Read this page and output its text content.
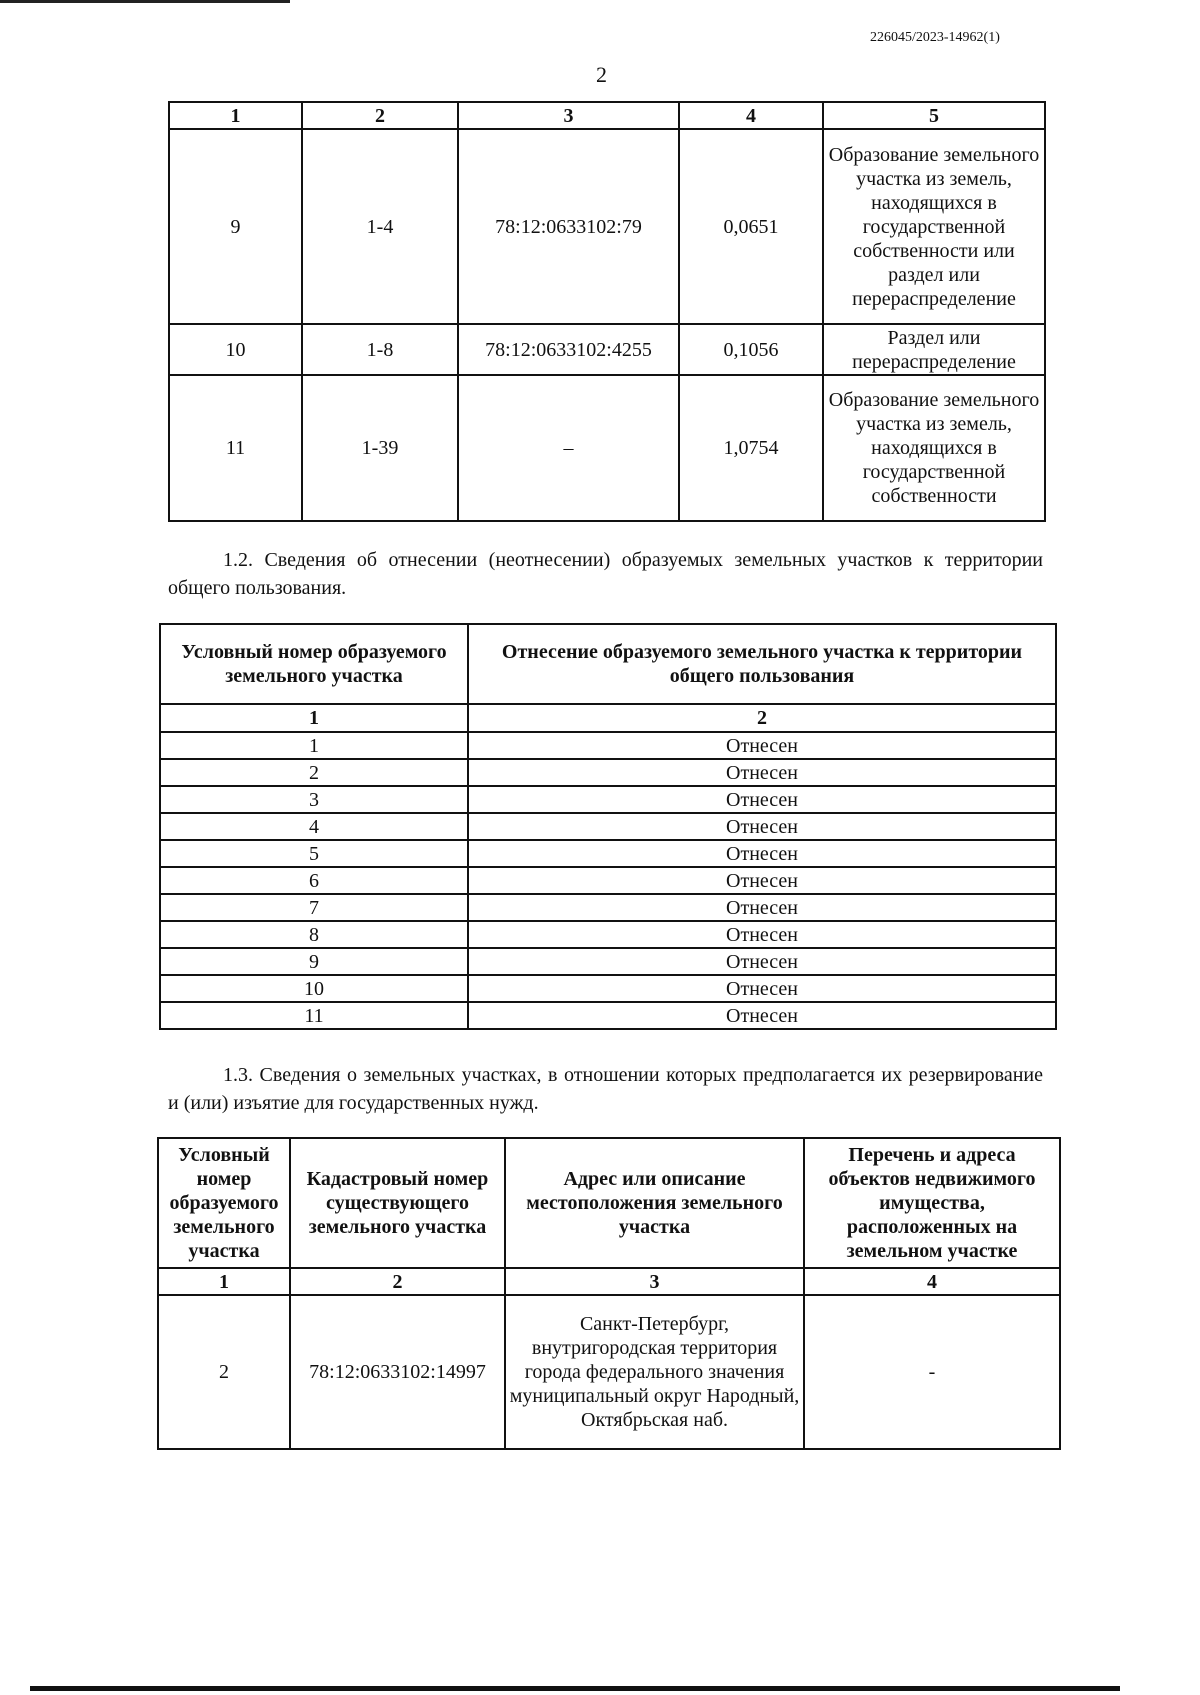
226045/2023-14962(1)
2
1	2	3	4	5
9	1-4	78:12:0633102:79	0,0651	Образование земельного участка из земель, находящихся в государственной собственности или раздел или перераспределение
10	1-8	78:12:0633102:4255	0,1056	Раздел или перераспределение
11	1-39	–	1,0754	Образование земельного участка из земель, находящихся в государственной собственности
1.2. Сведения об отнесении (неотнесении) образуемых земельных участков к территории общего пользования.
Условный номер образуемого земельного участка	Отнесение образуемого земельного участка к территории общего пользования
1	2
1	Отнесен
2	Отнесен
3	Отнесен
4	Отнесен
5	Отнесен
6	Отнесен
7	Отнесен
8	Отнесен
9	Отнесен
10	Отнесен
11	Отнесен
1.3. Сведения о земельных участках, в отношении которых предполагается их резервирование и (или) изъятие для государственных нужд.
Условный номер образуемого земельного участка	Кадастровый номер существующего земельного участка	Адрес или описание местоположения земельного участка	Перечень и адреса объектов недвижимого имущества, расположенных на земельном участке
1	2	3	4
2	78:12:0633102:14997	Санкт-Петербург, внутригородская территория города федерального значения муниципальный округ Народный, Октябрьская наб.	-
